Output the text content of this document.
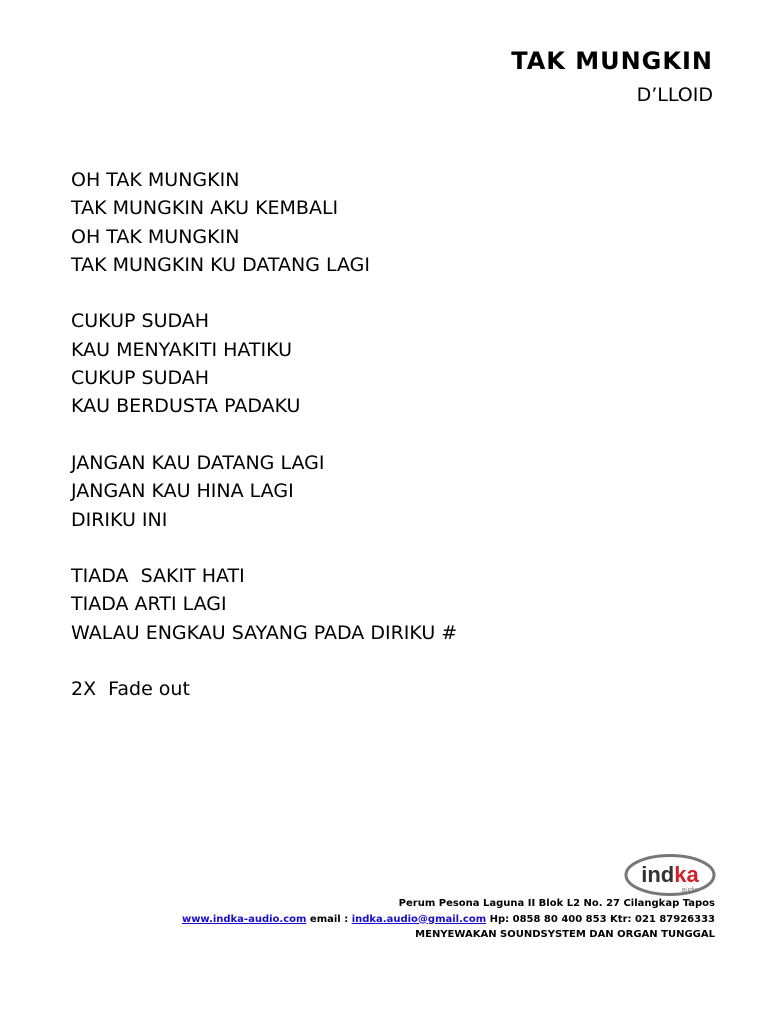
TAK MUNGKIN
D’LLOID
OH TAK MUNGKIN
TAK MUNGKIN AKU KEMBALI
OH TAK MUNGKIN
TAK MUNGKIN KU DATANG LAGI
CUKUP SUDAH
KAU MENYAKITI HATIKU
CUKUP SUDAH
KAU BERDUSTA PADAKU
JANGAN KAU DATANG LAGI
JANGAN KAU HINA LAGI
DIRIKU INI
TIADA  SAKIT HATI
TIADA ARTI LAGI
WALAU ENGKAU SAYANG PADA DIRIKU #
2X  Fade out
indka
audio
Perum Pesona Laguna II Blok L2 No. 27 Cilangkap Tapos
www.indka-audio.com email : indka.audio@gmail.com Hp: 0858 80 400 853 Ktr: 021 87926333
MENYEWAKAN SOUNDSYSTEM DAN ORGAN TUNGGAL
